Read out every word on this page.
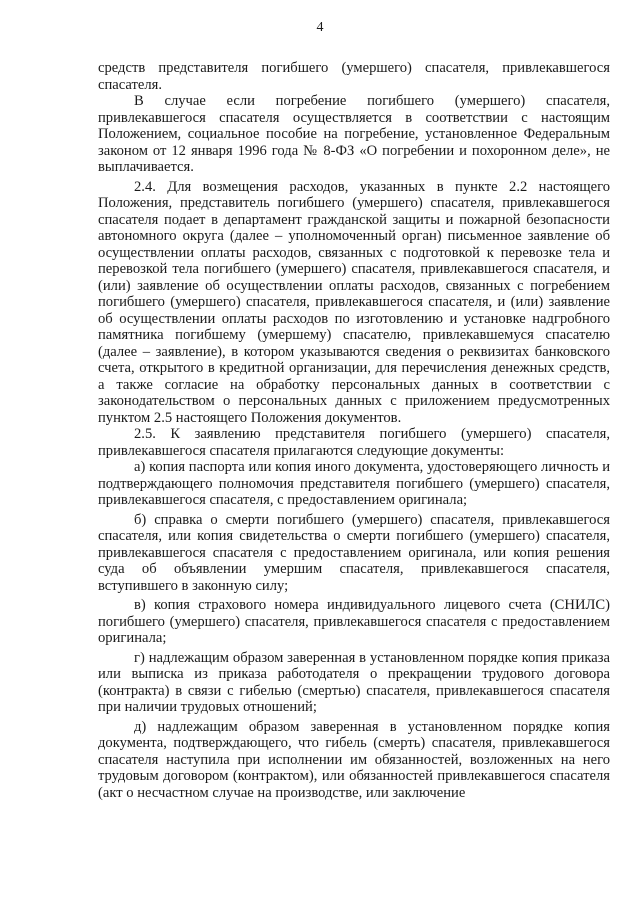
4

средств представителя погибшего (умершего) спасателя, привлекавшегося спасателя.

В случае если погребение погибшего (умершего) спасателя, привлекавшегося спасателя осуществляется в соответствии с настоящим Положением, социальное пособие на погребение, установленное Федеральным законом от 12 января 1996 года № 8-ФЗ «О погребении и похоронном деле», не выплачивается.

2.4. Для возмещения расходов, указанных в пункте 2.2 настоящего Положения, представитель погибшего (умершего) спасателя, привлекавшегося спасателя подает в департамент гражданской защиты и пожарной безопасности автономного округа (далее – уполномоченный орган) письменное заявление об осуществлении оплаты расходов, связанных с подготовкой к перевозке тела и перевозкой тела погибшего (умершего) спасателя, привлекавшегося спасателя, и (или) заявление об осуществлении оплаты расходов, связанных с погребением погибшего (умершего) спасателя, привлекавшегося спасателя, и (или) заявление об осуществлении оплаты расходов по изготовлению и установке надгробного памятника погибшему (умершему) спасателю, привлекавшемуся спасателю (далее – заявление), в котором указываются сведения о реквизитах банковского счета, открытого в кредитной организации, для перечисления денежных средств, а также согласие на обработку персональных данных в соответствии с законодательством о персональных данных с приложением предусмотренных пунктом 2.5 настоящего Положения документов.

2.5. К заявлению представителя погибшего (умершего) спасателя, привлекавшегося спасателя прилагаются следующие документы:

а) копия паспорта или копия иного документа, удостоверяющего личность и подтверждающего полномочия представителя погибшего (умершего) спасателя, привлекавшегося спасателя, с предоставлением оригинала;

б) справка о смерти погибшего (умершего) спасателя, привлекавшегося спасателя, или копия свидетельства о смерти погибшего (умершего) спасателя, привлекавшегося спасателя с предоставлением оригинала, или копия решения суда об объявлении умершим спасателя, привлекавшегося спасателя, вступившего в законную силу;

в) копия страхового номера индивидуального лицевого счета (СНИЛС) погибшего (умершего) спасателя, привлекавшегося спасателя с предоставлением оригинала;

г) надлежащим образом заверенная в установленном порядке копия приказа или выписка из приказа работодателя о прекращении трудового договора (контракта) в связи с гибелью (смертью) спасателя, привлекавшегося спасателя при наличии трудовых отношений;

д) надлежащим образом заверенная в установленном порядке копия документа, подтверждающего, что гибель (смерть) спасателя, привлекавшегося спасателя наступила при исполнении им обязанностей, возложенных на него трудовым договором (контрактом), или обязанностей привлекавшегося спасателя (акт о несчастном случае на производстве, или заключение
